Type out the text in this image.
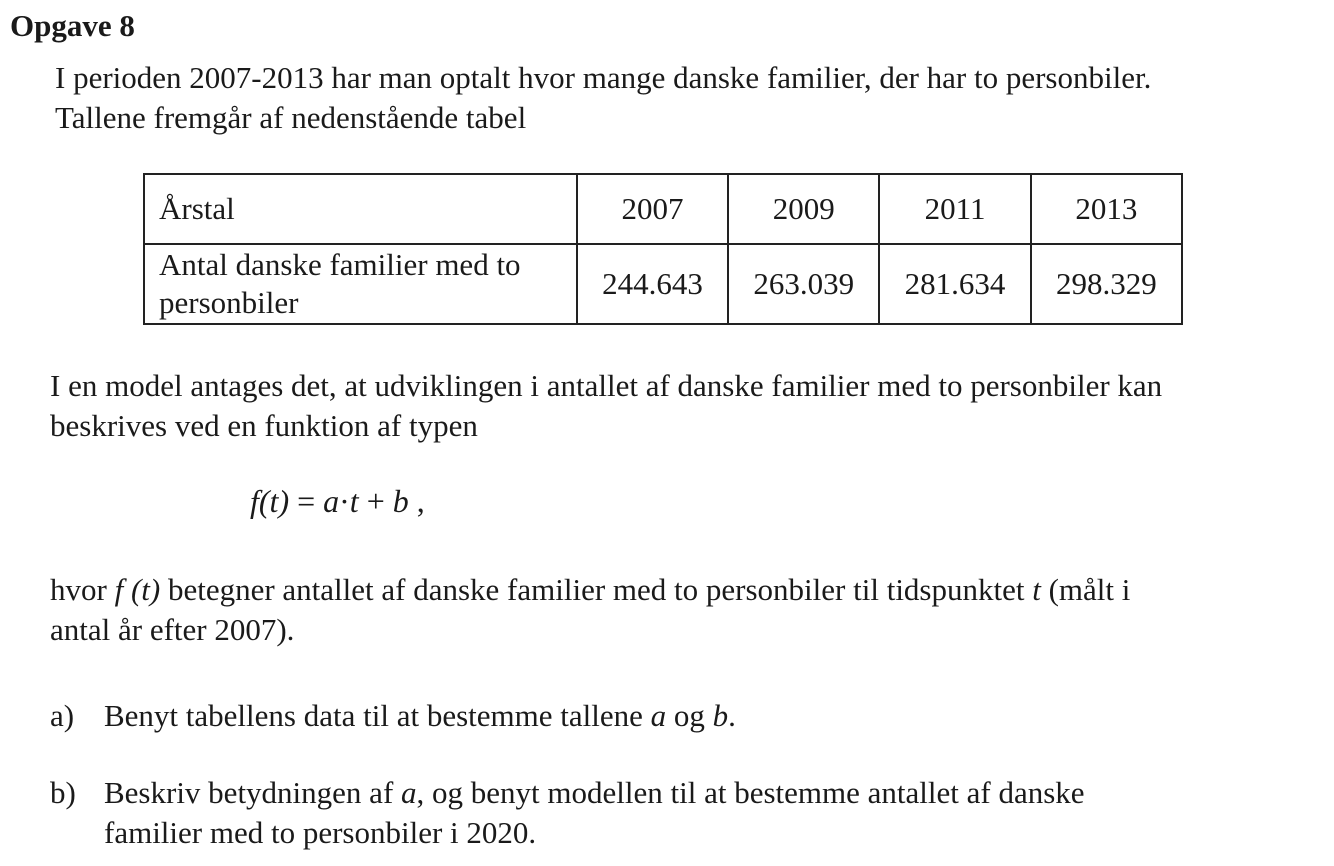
Opgave 8

I perioden 2007-2013 har man optalt hvor mange danske familier, der har to personbiler.
Tallene fremgår af nedenstående tabel

Årstal	2007	2009	2011	2013

Antal danske familier med to
personbiler	244.643	263.039	281.634	298.329

I en model antages det, at udviklingen i antallet af danske familier med to personbiler kan
beskrives ved en funktion af typen

f(t) = a·t + b ,

hvor f (t) betegner antallet af danske familier med to personbiler til tidspunktet t (målt i
antal år efter 2007).

a) Benyt tabellens data til at bestemme tallene a og b.
b) Beskriv betydningen af a, og benyt modellen til at bestemme antallet af danske
familier med to personbiler i 2020.
